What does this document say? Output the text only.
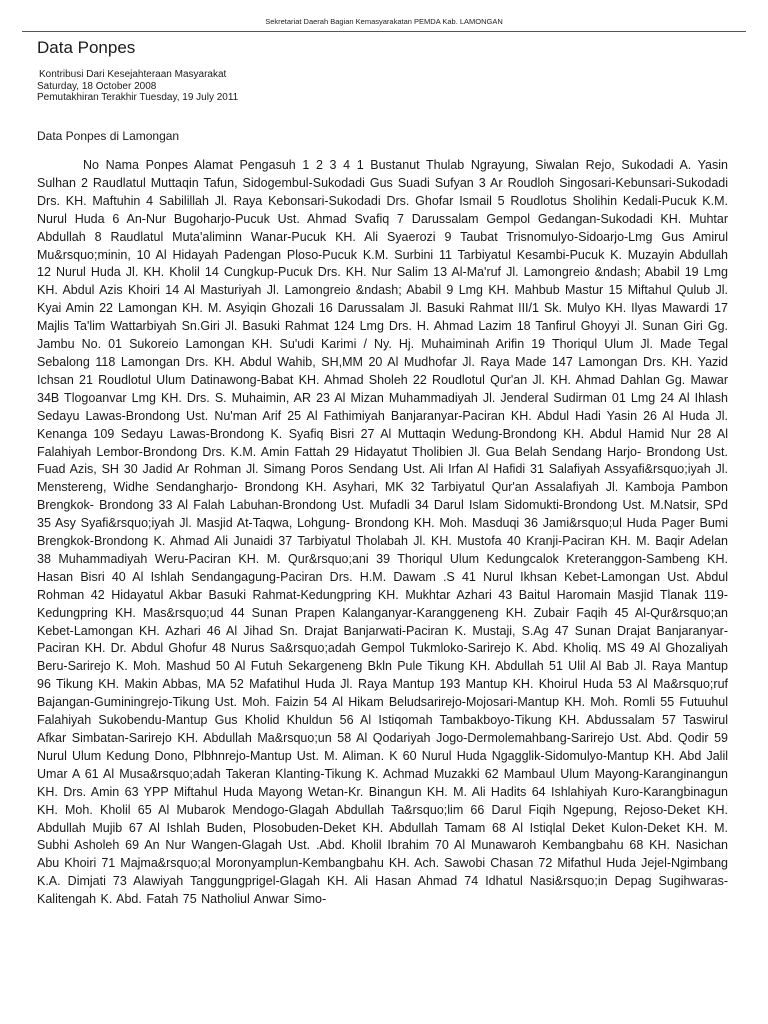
Sekretariat Daerah Bagian Kemasyarakatan PEMDA Kab. LAMONGAN
Data Ponpes
Kontribusi Dari Kesejahteraan Masyarakat
Saturday, 18 October 2008
Pemutakhiran Terakhir Tuesday, 19 July 2011
Data Ponpes di Lamongan

No Nama Ponpes Alamat Pengasuh 1 2 3 4 1 Bustanut Thulab Ngrayung, Siwalan Rejo, Sukodadi A. Yasin Sulhan 2 Raudlatul Muttaqin Tafun, Sidogembul-Sukodadi Gus Suadi Sufyan 3 Ar Roudloh Singosari-Kebunsari-Sukodadi Drs. KH. Maftuhin 4 Sabilillah Jl. Raya Kebonsari-Sukodadi Drs. Ghofar Ismail 5 Roudlotus Sholihin Kedali-Pucuk K.M. Nurul Huda 6 An-Nur Bugoharjo-Pucuk Ust. Ahmad Svafiq 7 Darussalam Gempol Gedangan-Sukodadi KH. Muhtar Abdullah 8 Raudlatul Muta'aliminn Wanar-Pucuk KH. Ali Syaerozi 9 Taubat Trisnomulyo-Sidoarjo-Lmg Gus Amirul Mu&rsquo;minin, 10 Al Hidayah Padengan Ploso-Pucuk K.M. Surbini 11 Tarbiyatul Kesambi-Pucuk K. Muzayin Abdullah 12 Nurul Huda Jl. KH. Kholil 14 Cungkup-Pucuk Drs. KH. Nur Salim 13 Al-Ma'ruf Jl. Lamongreio &ndash; Ababil 19 Lmg KH. Abdul Azis Khoiri 14 Al Masturiyah Jl. Lamongreio &ndash; Ababil 9 Lmg KH. Mahbub Mastur 15 Miftahul Qulub Jl. Kyai Amin 22 Lamongan KH. M. Asyiqin Ghozali 16 Darussalam Jl. Basuki Rahmat III/1 Sk. Mulyo KH. Ilyas Mawardi 17 Majlis Ta'lim Wattarbiyah Sn.Giri Jl. Basuki Rahmat 124 Lmg Drs. H. Ahmad Lazim 18 Tanfirul Ghoyyi Jl. Sunan Giri Gg. Jambu No. 01 Sukoreio Lamongan KH. Su'udi Karimi / Ny. Hj. Muhaiminah Arifin 19 Thoriqul Ulum Jl. Made Tegal Sebalong 118 Lamongan Drs. KH. Abdul Wahib, SH,MM 20 Al Mudhofar Jl. Raya Made 147 Lamongan Drs. KH. Yazid Ichsan 21 Roudlotul Ulum Datinawong-Babat KH. Ahmad Sholeh 22 Roudlotul Qur'an Jl. KH. Ahmad Dahlan Gg. Mawar 34B Tlogoanvar Lmg KH. Drs. S. Muhaimin, AR 23 Al Mizan Muhammadiyah Jl. Jenderal Sudirman 01 Lmg 24 Al Ihlash Sedayu Lawas-Brondong Ust. Nu'man Arif 25 Al Fathimiyah Banjaranyar-Paciran KH. Abdul Hadi Yasin 26 Al Huda Jl. Kenanga 109 Sedayu Lawas-Brondong K. Syafiq Bisri 27 Al Muttaqin Wedung-Brondong KH. Abdul Hamid Nur 28 Al Falahiyah Lembor-Brondong Drs. K.M. Amin Fattah 29 Hidayatut Tholibien Jl. Gua Belah Sendang Harjo- Brondong Ust. Fuad Azis, SH 30 Jadid Ar Rohman Jl. Simang Poros Sendang Ust. Ali Irfan Al Hafidi 31 Salafiyah Assyafi&rsquo;iyah Jl. Menstereng, Widhe Sendangharjo- Brondong KH. Asyhari, MK 32 Tarbiyatul Qur'an Assalafiyah Jl. Kamboja Pambon Brengkok- Brondong 33 Al Falah Labuhan-Brondong Ust. Mufadli 34 Darul Islam Sidomukti-Brondong Ust. M.Natsir, SPd 35 Asy Syafi&rsquo;iyah Jl. Masjid At-Taqwa, Lohgung- Brondong KH. Moh. Masduqi 36 Jami&rsquo;ul Huda Pager Bumi Brengkok-Brondong K. Ahmad Ali Junaidi 37 Tarbiyatul Tholabah Jl. KH. Mustofa 40 Kranji-Paciran KH. M. Baqir Adelan 38 Muhammadiyah Weru-Paciran KH. M. Qur&rsquo;ani 39 Thoriqul Ulum Kedungcalok Kreteranggon-Sambeng KH. Hasan Bisri 40 Al Ishlah Sendangagung-Paciran Drs. H.M. Dawam .S 41 Nurul Ikhsan Kebet-Lamongan Ust. Abdul Rohman 42 Hidayatul Akbar Basuki Rahmat-Kedungpring KH. Mukhtar Azhari 43 Baitul Haromain Masjid Tlanak 119-Kedungpring KH. Mas&rsquo;ud 44 Sunan Prapen Kalanganyar-Karanggeneng KH. Zubair Faqih 45 Al-Qur&rsquo;an Kebet-Lamongan KH. Azhari 46 Al Jihad Sn. Drajat Banjarwati-Paciran K. Mustaji, S.Ag 47 Sunan Drajat Banjaranyar-Paciran KH. Dr. Abdul Ghofur 48 Nurus Sa&rsquo;adah Gempol Tukmloko-Sarirejo K. Abd. Kholiq. MS 49 Al Ghozaliyah Beru-Sarirejo K. Moh. Mashud 50 Al Futuh Sekargeneng Bkln Pule Tikung KH. Abdullah 51 Ulil Al Bab Jl. Raya Mantup 96 Tikung KH. Makin Abbas, MA 52 Mafatihul Huda Jl. Raya Mantup 193 Mantup KH. Khoirul Huda 53 Al Ma&rsquo;ruf Bajangan-Guminingrejo-Tikung Ust. Moh. Faizin 54 Al Hikam Beludsarirejo-Mojosari-Mantup KH. Moh. Romli 55 Futuuhul Falahiyah Sukobendu-Mantup Gus Kholid Khuldun 56 Al Istiqomah Tambakboyo-Tikung KH. Abdussalam 57 Taswirul Afkar Simbatan-Sarirejo KH. Abdullah Ma&rsquo;un 58 Al Qodariyah Jogo-Dermolemahbang-Sarirejo Ust. Abd. Qodir 59 Nurul Ulum Kedung Dono, Plbhnrejo-Mantup Ust. M. Aliman. K 60 Nurul Huda Ngagglik-Sidomulyo-Mantup KH. Abd Jalil Umar A 61 Al Musa&rsquo;adah Takeran Klanting-Tikung K. Achmad Muzakki 62 Mambaul Ulum Mayong-Karanginangun KH. Drs. Amin 63 YPP Miftahul Huda Mayong Wetan-Kr. Binangun KH. M. Ali Hadits 64 Ishlahiyah Kuro-Karangbinagun KH. Moh. Kholil 65 Al Mubarok Mendogo-Glagah Abdullah Ta&rsquo;lim 66 Darul Fiqih Ngepung, Rejoso-Deket KH. Abdullah Mujib 67 Al Ishlah Buden, Plosobuden-Deket KH. Abdullah Tamam 68 Al Istiqlal Deket Kulon-Deket KH. M. Subhi Asholeh 69 An Nur Wangen-Glagah Ust. .Abd. Kholil Ibrahim 70 Al Munawaroh Kembangbahu 68 KH. Nasichan Abu Khoiri 71 Majma&rsquo;al Moronyamplun-Kembangbahu KH. Ach. Sawobi Chasan 72 Mifathul Huda Jejel-Ngimbang K.A. Dimjati 73 Alawiyah Tanggungprigel-Glagah KH. Ali Hasan Ahmad 74 Idhatul Nasi&rsquo;in Depag Sugihwaras-Kalitengah K. Abd. Fatah 75 Natholiul Anwar Simo-
